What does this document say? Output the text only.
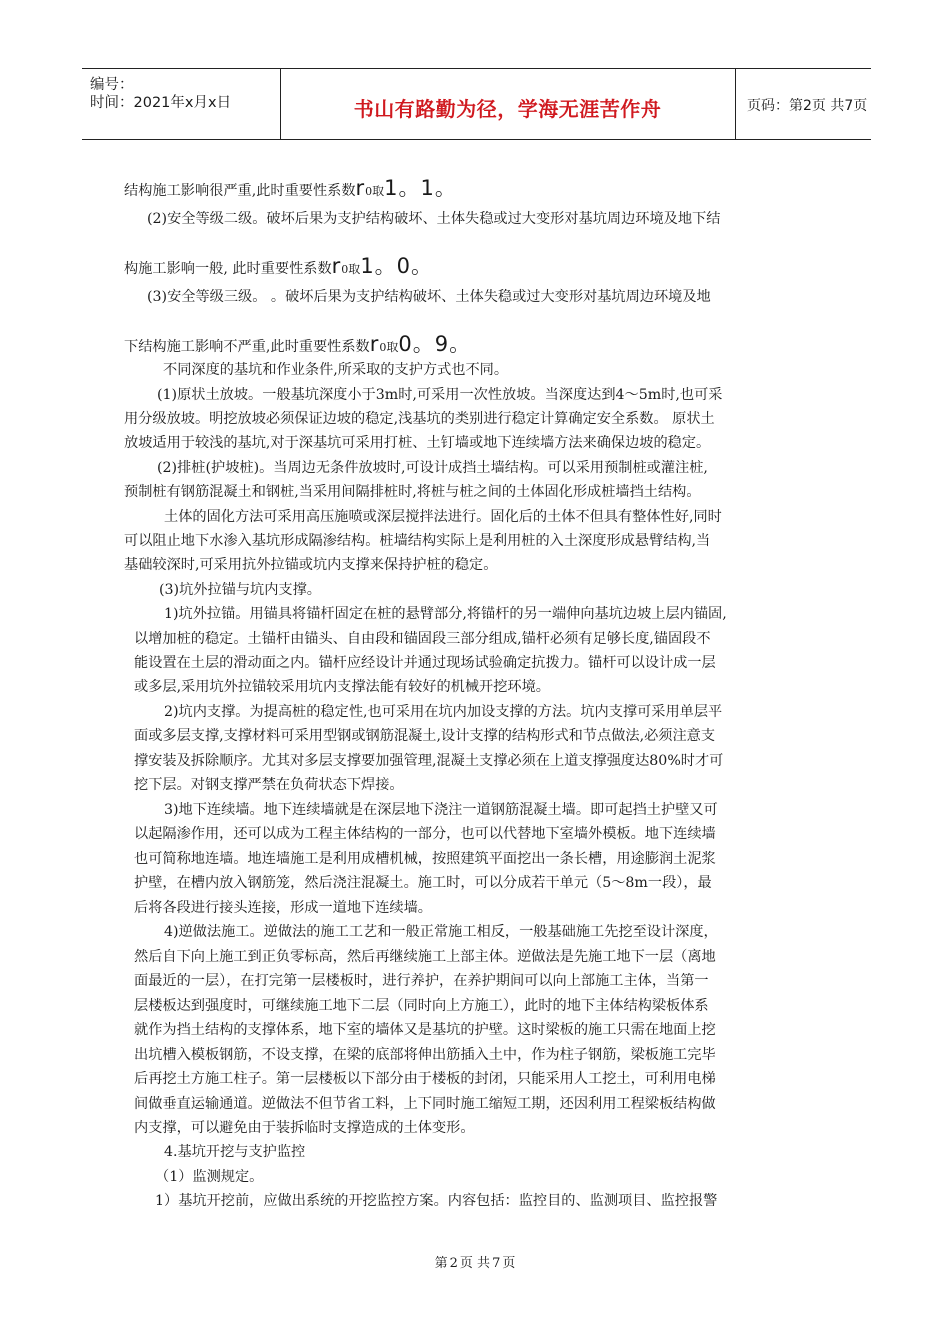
编号：
时间：2021年x月x日	书山有路勤为径，学海无涯苦作舟	页码：第2页 共7页
结构施工影响很严重,此时重要性系数r0取1。1。
(2)安全等级二级。破坏后果为支护结构破坏、土体失稳或过大变形对基坑周边环境及地下结
构施工影响一般, 此时重要性系数r0取1。0。
(3)安全等级三级。 。破坏后果为支护结构破坏、土体失稳或过大变形对基坑周边环境及地
下结构施工影响不严重,此时重要性系数r0取0。9。
不同深度的基坑和作业条件,所采取的支护方式也不同。
(1)原状土放坡。一般基坑深度小于3m时,可采用一次性放坡。当深度达到4～5m时,也可采
用分级放坡。明挖放坡必须保证边坡的稳定,浅基坑的类别进行稳定计算确定安全系数。 原状土
放坡适用于较浅的基坑,对于深基坑可采用打桩、土钉墙或地下连续墙方法来确保边坡的稳定。
(2)排桩(护坡桩)。当周边无条件放坡时,可设计成挡土墙结构。可以采用预制桩或灌注桩,
预制桩有钢筋混凝土和钢桩,当采用间隔排桩时,将桩与桩之间的土体固化形成桩墙挡土结构。
土体的固化方法可采用高压施喷或深层搅拌法进行。固化后的土体不但具有整体性好,同时
可以阻止地下水渗入基坑形成隔渗结构。桩墙结构实际上是利用桩的入土深度形成悬臂结构,当
基础较深时,可采用抗外拉锚或坑内支撑来保持护桩的稳定。
(3)坑外拉锚与坑内支撑。
1)坑外拉锚。用锚具将锚杆固定在桩的悬臂部分,将锚杆的另一端伸向基坑边坡上层内锚固,
以增加桩的稳定。土锚杆由锚头、自由段和锚固段三部分组成,锚杆必须有足够长度,锚固段不
能设置在土层的滑动面之内。锚杆应经设计并通过现场试验确定抗拨力。锚杆可以设计成一层
或多层,采用坑外拉锚较采用坑内支撑法能有较好的机械开挖环境。
2)坑内支撑。为提高桩的稳定性,也可采用在坑内加设支撑的方法。坑内支撑可采用单层平
面或多层支撑,支撑材料可采用型钢或钢筋混凝土,设计支撑的结构形式和节点做法,必须注意支
撑安装及拆除顺序。尤其对多层支撑要加强管理,混凝土支撑必须在上道支撑强度达80%时才可
挖下层。对钢支撑严禁在负荷状态下焊接。
3)地下连续墙。地下连续墙就是在深层地下浇注一道钢筋混凝土墙。即可起挡土护壁又可
以起隔渗作用，还可以成为工程主体结构的一部分，也可以代替地下室墙外模板。地下连续墙
也可简称地连墙。地连墙施工是利用成槽机械，按照建筑平面挖出一条长槽，用途膨润土泥浆
护壁，在槽内放入钢筋笼，然后浇注混凝土。施工时，可以分成若干单元（5～8m一段），最
后将各段进行接头连接，形成一道地下连续墙。
4)逆做法施工。逆做法的施工工艺和一般正常施工相反，一般基础施工先挖至设计深度，
然后自下向上施工到正负零标高，然后再继续施工上部主体。逆做法是先施工地下一层（离地
面最近的一层），在打完第一层楼板时，进行养护，在养护期间可以向上部施工主体，当第一
层楼板达到强度时，可继续施工地下二层（同时向上方施工），此时的地下主体结构梁板体系
就作为挡土结构的支撑体系，地下室的墙体又是基坑的护壁。这时梁板的施工只需在地面上挖
出坑槽入模板钢筋，不设支撑，在梁的底部将伸出筋插入土中，作为柱子钢筋，梁板施工完毕
后再挖土方施工柱子。第一层楼板以下部分由于楼板的封闭，只能采用人工挖土，可利用电梯
间做垂直运输通道。逆做法不但节省工料，上下同时施工缩短工期，还因利用工程梁板结构做
内支撑，可以避免由于装拆临时支撑造成的土体变形。
4.基坑开挖与支护监控
（1）监测规定。
1）基坑开挖前，应做出系统的开挖监控方案。内容包括：监控目的、监测项目、监控报警
第 2 页 共 7 页
